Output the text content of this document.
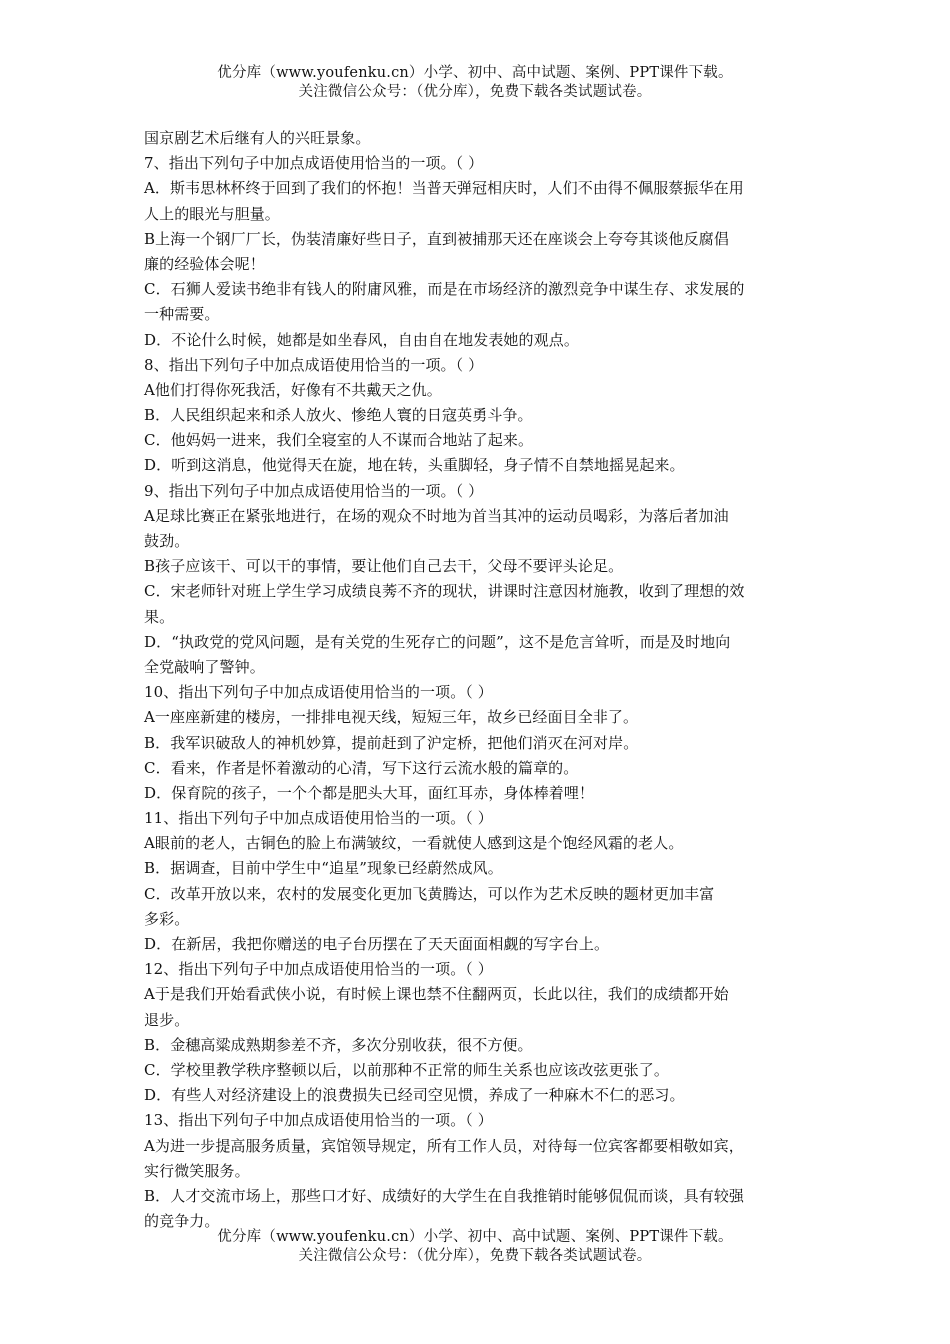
优分库（www.youfenku.cn）小学、初中、高中试题、案例、PPT课件下载。
关注微信公众号：（优分库），免费下载各类试题试卷。
国京剧艺术后继有人的兴旺景象。
7、指出下列句子中加点成语使用恰当的一项。（ ）
A．斯韦思林杯终于回到了我们的怀抱！当普天弹冠相庆时，人们不由得不佩服蔡振华在用
人上的眼光与胆量。
B上海一个钢厂厂长，伪装清廉好些日子，直到被捕那天还在座谈会上夸夸其谈他反腐倡
廉的经验体会呢！
C．石狮人爱读书绝非有钱人的附庸风雅，而是在市场经济的激烈竞争中谋生存、求发展的
一种需要。
D．不论什么时候，她都是如坐春风，自由自在地发表她的观点。
8、指出下列句子中加点成语使用恰当的一项。（ ）
A他们打得你死我活，好像有不共戴天之仇。
B．人民组织起来和杀人放火、惨绝人寰的日寇英勇斗争。
C．他妈妈一进来，我们全寝室的人不谋而合地站了起来。
D．听到这消息，他觉得天在旋，地在转，头重脚轻，身子情不自禁地摇晃起来。
9、指出下列句子中加点成语使用恰当的一项。（ ）
A足球比赛正在紧张地进行，在场的观众不时地为首当其冲的运动员喝彩，为落后者加油
鼓劲。
B孩子应该干、可以干的事情，要让他们自己去干，父母不要评头论足。
C．宋老师针对班上学生学习成绩良莠不齐的现状，讲课时注意因材施教，收到了理想的效
果。
D．“执政党的党风问题，是有关党的生死存亡的问题”，这不是危言耸听，而是及时地向
全党敲响了警钟。
10、指出下列句子中加点成语使用恰当的一项。（ ）
A一座座新建的楼房，一排排电视天线，短短三年，故乡已经面目全非了。
B．我军识破敌人的神机妙算，提前赶到了沪定桥，把他们消灭在河对岸。
C．看来，作者是怀着激动的心清，写下这行云流水般的篇章的。
D．保育院的孩子，一个个都是肥头大耳，面红耳赤，身体棒着哩！
11、指出下列句子中加点成语使用恰当的一项。（ ）
A眼前的老人，古铜色的脸上布满皱纹，一看就使人感到这是个饱经风霜的老人。
B．据调查，目前中学生中“追星”现象已经蔚然成风。
C．改革开放以来，农村的发展变化更加飞黄腾达，可以作为艺术反映的题材更加丰富
多彩。
D．在新居，我把你赠送的电子台历摆在了天天面面相觑的写字台上。
12、指出下列句子中加点成语使用恰当的一项。（ ）
A于是我们开始看武侠小说，有时候上课也禁不住翻两页，长此以往，我们的成绩都开始
退步。
B．金穗高粱成熟期参差不齐，多次分别收获，很不方便。
C．学校里教学秩序整顿以后，以前那种不正常的师生关系也应该改弦更张了。
D．有些人对经济建设上的浪费损失已经司空见惯，养成了一种麻木不仁的恶习。
13、指出下列句子中加点成语使用恰当的一项。（ ）
A为进一步提高服务质量，宾馆领导规定，所有工作人员，对待每一位宾客都要相敬如宾，
实行微笑服务。
B．人才交流市场上，那些口才好、成绩好的大学生在自我推销时能够侃侃而谈，具有较强
的竞争力。
优分库（www.youfenku.cn）小学、初中、高中试题、案例、PPT课件下载。
关注微信公众号：（优分库），免费下载各类试题试卷。
